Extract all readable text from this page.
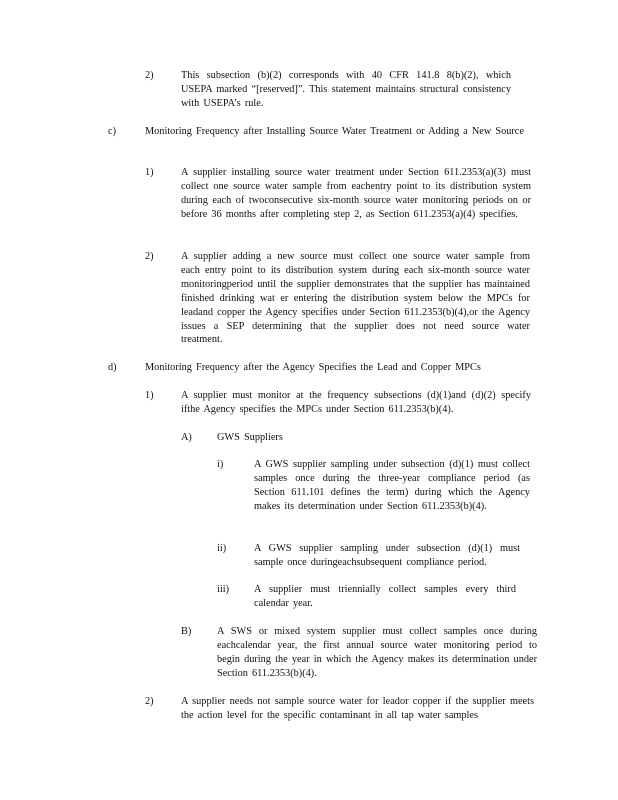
2)	This subsection (b)(2) corresponds with 40 CFR 141.8 8(b)(2), which USEPA marked “[reserved]”. This statement maintains structural consistency with USEPA’s rule.
c)	Monitoring Frequency after Installing Source Water Treatment or Adding a New Source
1)	A supplier installing source water treatment under Section 611.2353(a)(3) must collect one source water sample from eachentry point to its distribution system during each of twoconsecutive six-month source water monitoring periods on or before 36 months after completing step 2, as Section 611.2353(a)(4) specifies.
2)	A supplier adding a new source must collect one source water sample from each entry point to its distribution system during each six-month source water monitoringperiod until the supplier demonstrates that the supplier has maintained finished drinking wat er entering the distribution system below the MPCs for leadand copper the Agency specifies under Section 611.2353(b)(4),or the Agency issues a SEP determining that the supplier does not need source water treatment.
d)	Monitoring Frequency after the Agency Specifies the Lead and Copper MPCs
1)	A supplier must monitor at the frequency subsections (d)(1)and (d)(2) specify ifthe Agency specifies the MPCs under Section 611.2353(b)(4).
A) GWS Suppliers
i)	A GWS supplier sampling under subsection (d)(1) must collect samples once during the three-year compliance period (as Section 611.101 defines the term) during which the Agency makes its determination under Section 611.2353(b)(4).
ii)	A GWS supplier sampling under subsection (d)(1) must sample once duringeachsubsequent compliance period.
iii) A supplier must triennially collect samples every third calendar year.
B) A SWS or mixed system supplier must collect samples once during eachcalendar year, the first annual source water monitoring period to begin during the year in which the Agency makes its determination under Section 611.2353(b)(4).
2)	A supplier needs not sample source water for leador copper if the supplier meets the action level for the specific contaminant in all tap water samples
